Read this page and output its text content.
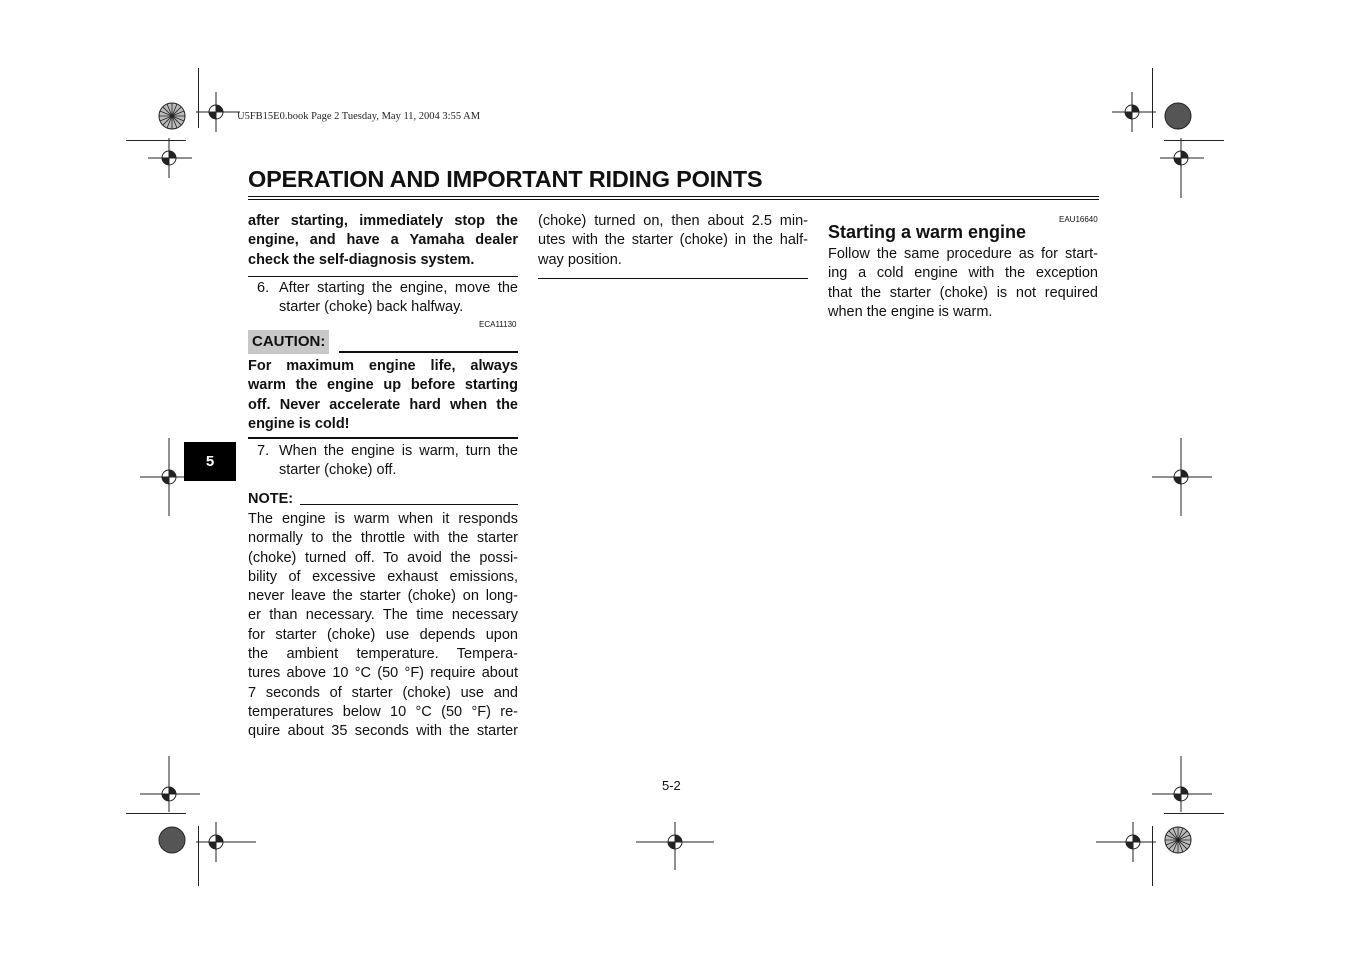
U5FB15E0.book Page 2 Tuesday, May 11, 2004 3:55 AM
OPERATION AND IMPORTANT RIDING POINTS
5
after starting, immediately stop the
engine, and have a Yamaha dealer
check the self-diagnosis system.
6. After starting the engine, move the
starter (choke) back halfway.
ECA11130
CAUTION:
For maximum engine life, always
warm the engine up before starting
off. Never accelerate hard when the
engine is cold!
7. When the engine is warm, turn the
starter (choke) off.
NOTE:
The engine is warm when it responds
normally to the throttle with the starter
(choke) turned off. To avoid the possi-
bility of excessive exhaust emissions,
never leave the starter (choke) on long-
er than necessary. The time necessary
for starter (choke) use depends upon
the ambient temperature. Tempera-
tures above 10 °C (50 °F) require about
7 seconds of starter (choke) use and
temperatures below 10 °C (50 °F) re-
quire about 35 seconds with the starter
(choke) turned on, then about 2.5 min-
utes with the starter (choke) in the half-
way position.
EAU16640
Starting a warm engine
Follow the same procedure as for start-
ing a cold engine with the exception
that the starter (choke) is not required
when the engine is warm.
5-2
